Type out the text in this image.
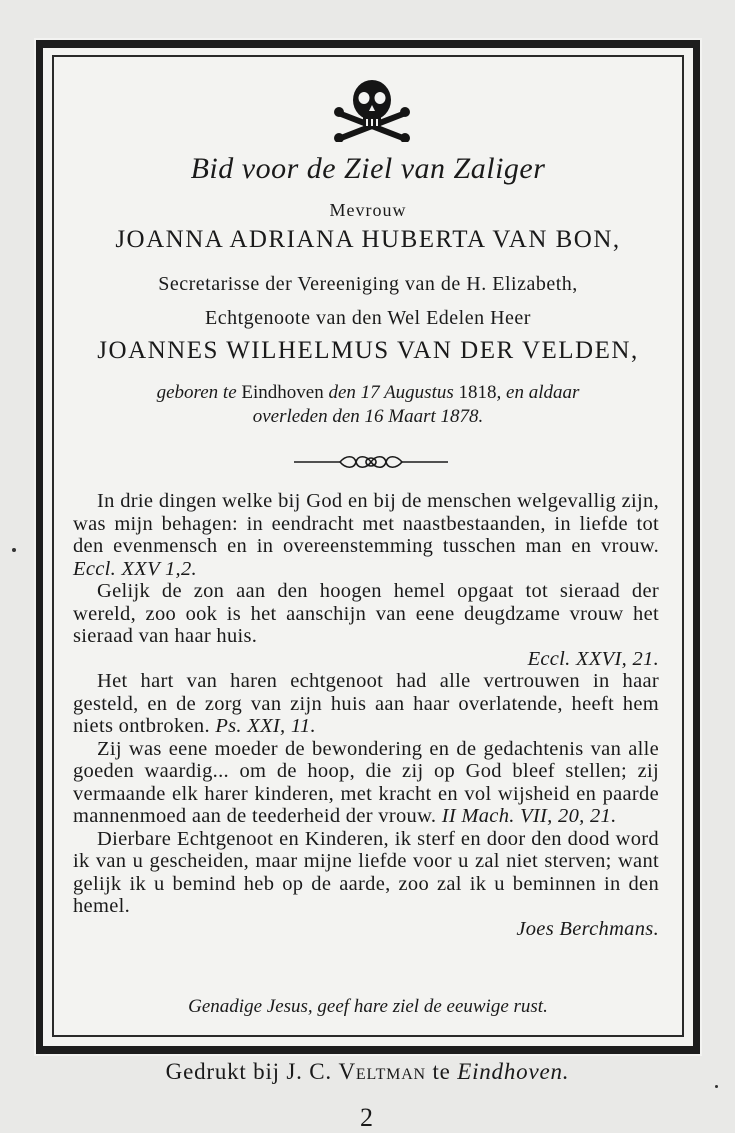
Bid voor de Ziel van Zaliger
Mevrouw
JOANNA ADRIANA HUBERTA VAN BON,
Secretarisse der Vereeniging van de H. Elizabeth,
Echtgenoote van den Wel Edelen Heer
JOANNES WILHELMUS VAN DER VELDEN,
geboren te Eindhoven den 17 Augustus 1818, en aldaar
overleden den 16 Maart 1878.

In drie dingen welke bij God en bij de menschen welgevallig zijn, was mijn behagen: in eendracht met naastbestaanden, in liefde tot den evenmensch en in overeenstemming tusschen man en vrouw. Eccl. XXV 1,2.

Gelijk de zon aan den hoogen hemel opgaat tot sieraad der wereld, zoo ook is het aanschijn van eene deugdzame vrouw het sieraad van haar huis.

Eccl. XXVI, 21.

Het hart van haren echtgenoot had alle vertrouwen in haar gesteld, en de zorg van zijn huis aan haar overlatende, heeft hem niets ontbroken. Ps. XXI, 11.

Zij was eene moeder de bewondering en de gedachtenis van alle goeden waardig... om de hoop, die zij op God bleef stellen; zij vermaande elk harer kinderen, met kracht en vol wijsheid en paarde mannenmoed aan de teederheid der vrouw. II Mach. VII, 20, 21.

Dierbare Echtgenoot en Kinderen, ik sterf en door den dood word ik van u gescheiden, maar mijne liefde voor u zal niet sterven; want gelijk ik u bemind heb op de aarde, zoo zal ik u beminnen in den hemel.

Joes Berchmans.

Genadige Jesus, geef hare ziel de eeuwige rust.
Gedrukt bij J. C. Veltman te Eindhoven.
2
